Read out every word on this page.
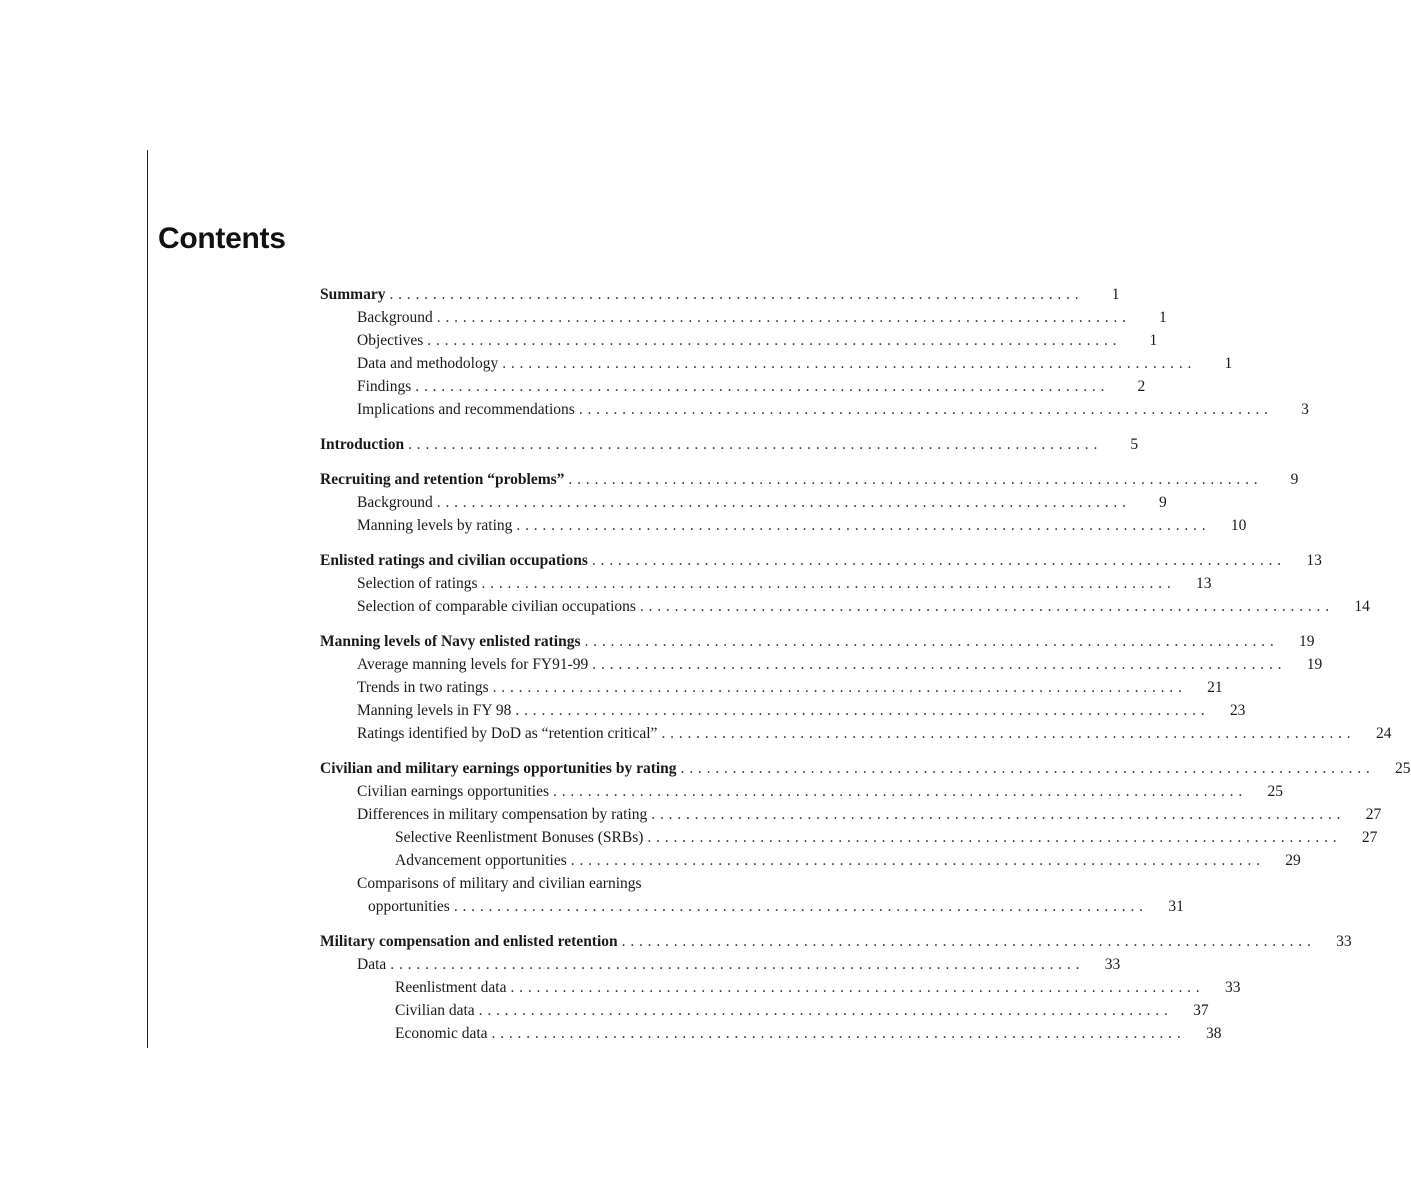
Contents
Summary ................................................................................	1
Background ................................................................................	1
Objectives ................................................................................	1
Data and methodology ................................................................................	1
Findings ................................................................................	2
Implications and recommendations ................................................................................	3
Introduction ................................................................................	5
Recruiting and retention “problems” ................................................................................	9
Background ................................................................................	9
Manning levels by rating ................................................................................	10
Enlisted ratings and civilian occupations ................................................................................	13
Selection of ratings ................................................................................	13
Selection of comparable civilian occupations ................................................................................	14
Manning levels of Navy enlisted ratings ................................................................................	19
Average manning levels for FY91-99 ................................................................................	19
Trends in two ratings ................................................................................	21
Manning levels in FY 98 ................................................................................	23
Ratings identified by DoD as “retention critical” ................................................................................	24
Civilian and military earnings opportunities by rating ................................................................................	25
Civilian earnings opportunities ................................................................................	25
Differences in military compensation by rating ................................................................................	27
Selective Reenlistment Bonuses (SRBs) ................................................................................	27
Advancement opportunities ................................................................................	29
Comparisons of military and civilian earnings
opportunities ................................................................................	31
Military compensation and enlisted retention ................................................................................	33
Data ................................................................................	33
Reenlistment data ................................................................................	33
Civilian data ................................................................................	37
Economic data ................................................................................	38
